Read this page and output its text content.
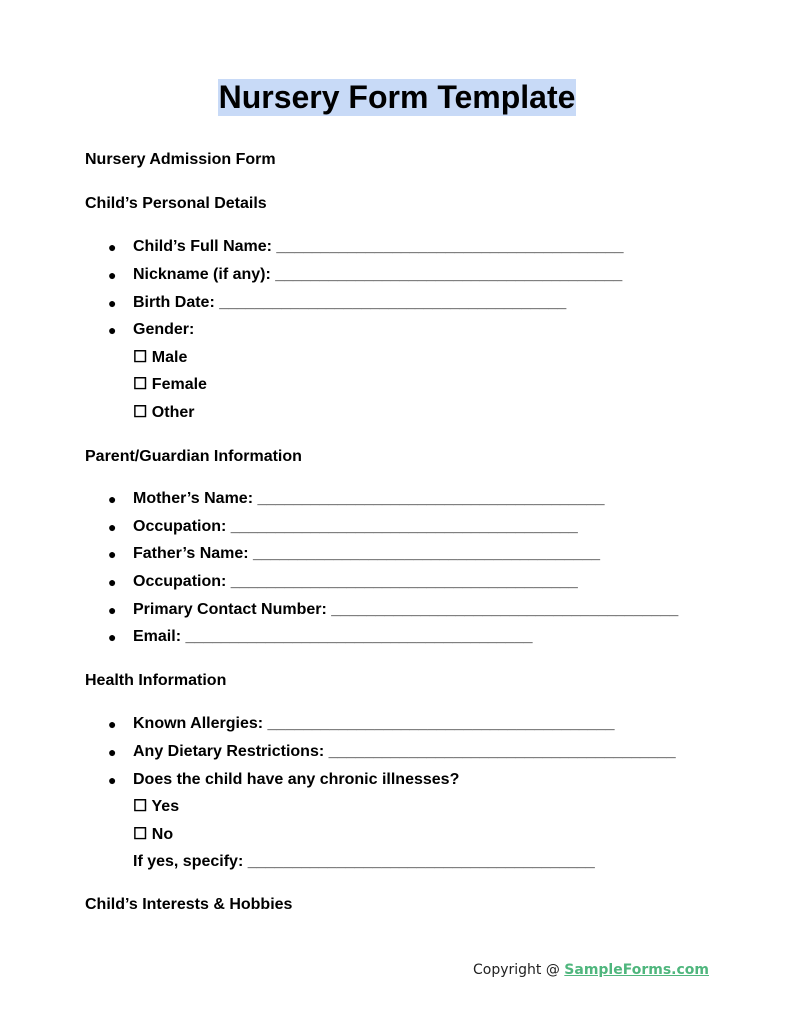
Nursery Form Template
Nursery Admission Form
Child’s Personal Details
● Child’s Full Name: _______________________________________
● Nickname (if any): _______________________________________
● Birth Date: _______________________________________
● Gender:
☐ Male
☐ Female
☐ Other
Parent/Guardian Information
● Mother’s Name: _______________________________________
● Occupation: _______________________________________
● Father’s Name: _______________________________________
● Occupation: _______________________________________
● Primary Contact Number: _______________________________________
● Email: _______________________________________
Health Information
● Known Allergies: _______________________________________
● Any Dietary Restrictions: _______________________________________
● Does the child have any chronic illnesses?
☐ Yes
☐ No
If yes, specify: _______________________________________
Child’s Interests & Hobbies
Copyright @ SampleForms.com
